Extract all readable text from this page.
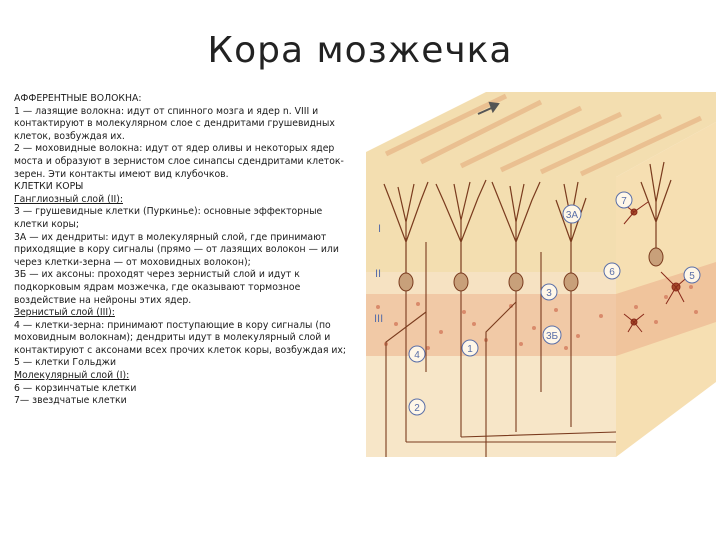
Кора мозжечка

АФФЕРЕНТНЫЕ ВОЛОКНА:

1 — лазящие волокна: идут от спинного мозга и ядер n. VIII и

контактируют в молекулярном слое с дендритами грушевидных

клеток, возбуждая их.

2 — моховидные волокна: идут от ядер оливы и некоторых ядер

моста и образуют в зернистом слое синапсы сдендритами клеток-

зерен. Эти контакты имеют вид клубочков.

КЛЕТКИ КОРЫ

Ганглиозный слой (II):

3 — грушевидные клетки (Пуркинье): основные эффекторные

клетки коры;

3А — их дендриты: идут в молекулярный слой, где принимают

приходящие в кору сигналы (прямо — от лазящих волокон — или

через клетки-зерна — от моховидных волокон);

3Б — их аксоны: проходят через зернистый слой и идут к

подкорковым ядрам мозжечка, где оказывают тормозное

воздействие на нейроны этих ядер.

Зернистый слой (III):

4 — клетки-зерна: принимают поступающие в кору сигналы (по

моховидным волокнам); дендриты идут в молекулярный слой и

контактируют с аксонами всех прочих клеток коры, возбуждая их;

5 — клетки Гольджи

Молекулярный слой (I):

6 — корзинчатые клетки

7— звездчатые клетки

I
II
III
7
3А
6	5
3
3Б
4
1
2
